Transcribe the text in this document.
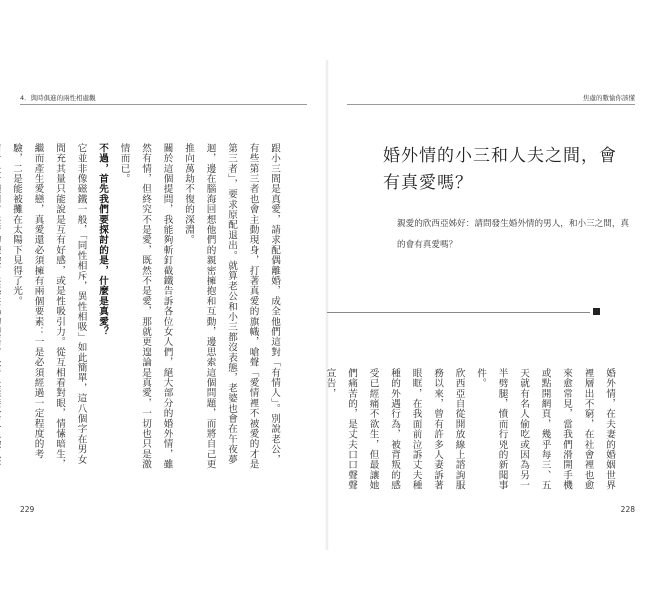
4．與時俱進的兩性相處觀

跟小三間是真愛，請求配偶離婚，成全他們這對「有情人」。別說老公，有些第三者也會主動現身，打著真愛的旗幟，嗆聲「愛情裡不被愛的才是第三者」，要求原配退出。就算老公和小三都沒表態，老婆也會在午夜夢迴，邊在腦海回想他們的親密擁抱和互動，邊思索這個問題，而將自己更推向萬劫不復的深淵。

關於這個提問，我能夠斬釘截鐵告訴各位女人們，絕大部分的婚外情，雖然有情，但終究不是愛，既然不是愛，那就更遑論是真愛，一切也只是激情而已。

不過，首先我們要探討的是，什麼是真愛？

它並非像磁鐵一般，「同性相斥，異性相吸」如此簡單，這八個字在男女間充其量只能說是互有好感，或是性吸引力。從互相看對眼，情愫暗生，繼而產生愛戀，真愛還必須擁有兩個要素：一是必須經過一定程度的考驗，二是能被攤在太陽下見得了光。

229
焦慮的數愉你該懂
婚外情的小三和人夫之間，會有真愛嗎？

親愛的欣西亞姊好：請問發生婚外情的男人，和小三之間，真的會有真愛嗎？

婚外情，在夫妻的婚姻世界裡層出不窮，在社會裡也愈來愈常見，當我們滑開手機或點開網頁，幾乎每三、五天就有名人偷吃或因為另一半劈腿，憤而行兇的新聞事件。

欣西亞自從開放線上諮詢服務以來，曾有許多人妻訴著眼眶，在我面前泣訴丈夫種種的外遇行為，被背叛的感受已經痛不欲生，但最讓她們痛苦的，是丈夫口口聲聲宣告，

228
